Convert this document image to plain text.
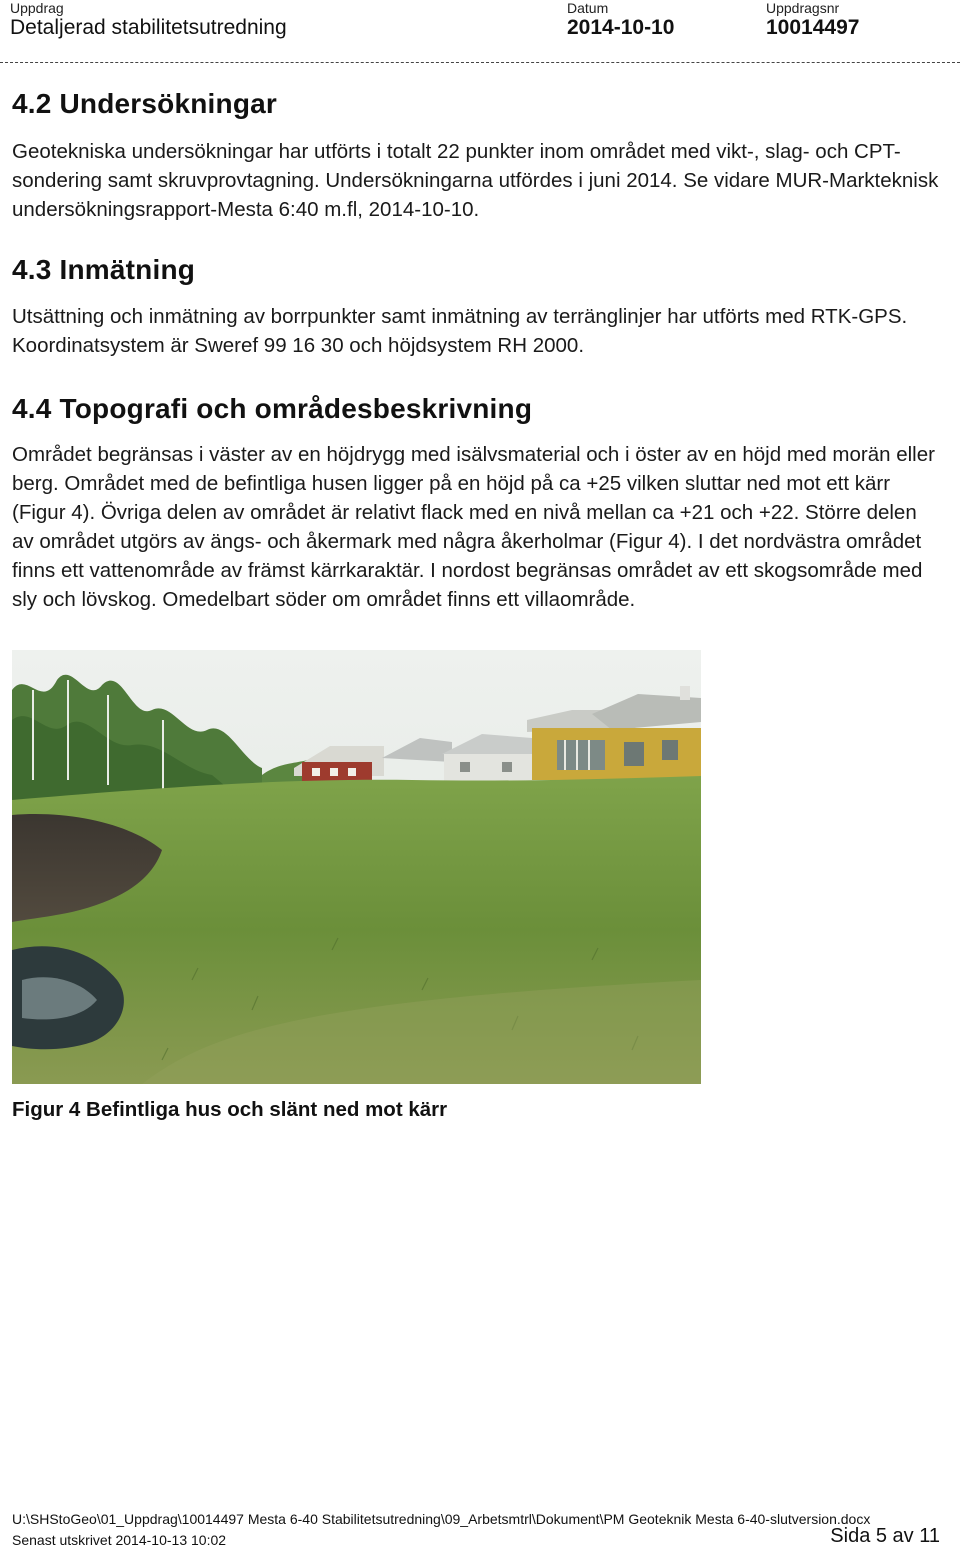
Uppdrag
Detaljerad stabilitetsutredning
Datum
2014-10-10
Uppdragsnr
10014497
4.2 Undersökningar

Geotekniska undersökningar har utförts i totalt 22 punkter inom området med vikt-, slag- och CPT-sondering samt skruvprovtagning. Undersökningarna utfördes i juni 2014. Se vidare MUR-Markteknisk undersökningsrapport-Mesta 6:40 m.fl, 2014-10-10.

4.3 Inmätning

Utsättning och inmätning av borrpunkter samt inmätning av terränglinjer har utförts med RTK-GPS. Koordinatsystem är Sweref 99 16 30 och höjdsystem RH 2000.

4.4 Topografi och områdesbeskrivning

Området begränsas i väster av en höjdrygg med isälvsmaterial och i öster av en höjd med morän eller berg. Området med de befintliga husen ligger på en höjd på ca +25 vilken sluttar ned mot ett kärr (Figur 4). Övriga delen av området är relativt flack med en nivå mellan ca +21 och +22. Större delen av området utgörs av ängs- och åkermark med några åkerholmar (Figur 4). I det nordvästra området finns ett vattenområde av främst kärrkaraktär. I nordost begränsas området av ett skogsområde med sly och lövskog. Omedelbart söder om området finns ett villaområde.

Figur 4 Befintliga hus och slänt ned mot kärr
U:\SHStoGeo\01_Uppdrag\10014497 Mesta 6-40 Stabilitetsutredning\09_Arbetsmtrl\Dokument\PM Geoteknik Mesta 6-40-slutversion.docx
Senast utskrivet 2014-10-13 10:02	Sida 5 av 11
